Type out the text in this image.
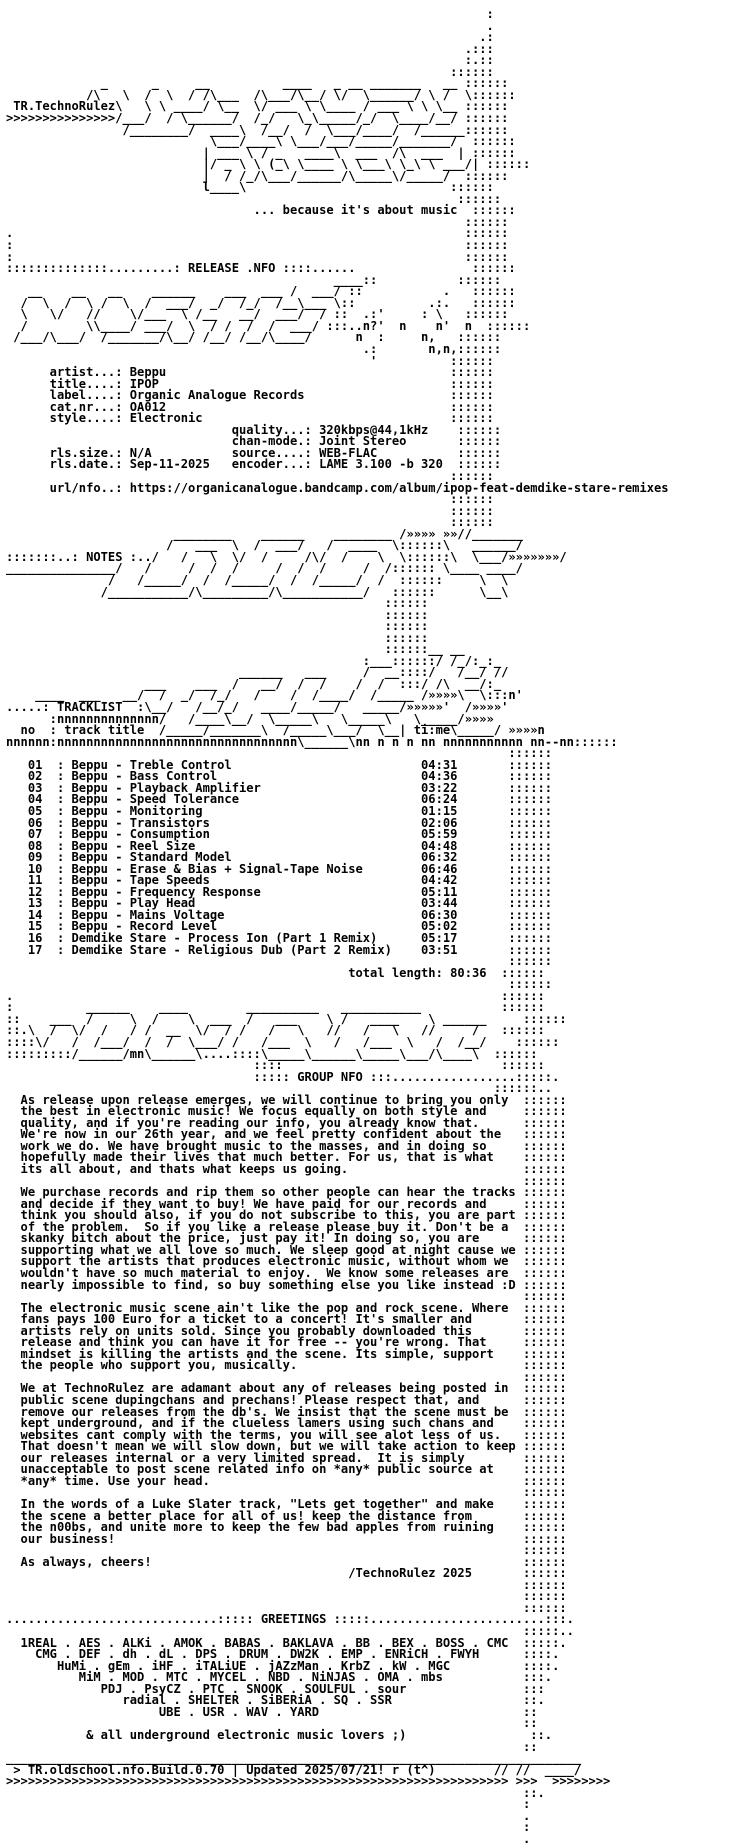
:
.
.:
.:::
:.::
::::::
_      _     __          ____   _ __ _______   __ ::::::
/\   \  /  \  / /\___  /\___/\__/ \/  \______/ \ /  \::::::
TR.TechnoRulez\   \ \ ____/ \__  \/ ___ \ \____ / ___ \ \ \__ ::::::
>>>>>>>>>>>>>>>/___/  / \______/  /_/   \_\_____/_/  \____/__/ ::::::
/________/  ____\  /__/  /  \___/____/  /______::::::
\___/____\ \___/___/_____/_______/  ::::::
| ___ \ / _   ____\  ___  /\  ___  | ::::::
|/ _ \ \ (_\ \____ \ \___\ \_\ \ ___/| ::::::
|  / /_/\___/______/\_____\/_____/  ::::::
l____\                            ::::::
::::::
... because it's about music  ::::::
::::::
.                                                              ::::::
:                                                              ::::::
:                                                              ::::::
::::::::::::::.........: RELEASE .NFO ::::......                ::::::
____::           ::::::
__    __   __    ______    ___  ___ /  ___/ ::           .   ::::::
/  \  /  \ /  \  /  ___/  _/  /_/  /__\___ \::          .:.   ::::::
\   \/   //    \/___  \ /__   __/  ___/  / ::  .:'     : \   ::::::
/        \\____/ ___/  \  / /  /  /  ___/ :::..n?'  n    n'  n  ::::::
/___/\___/  /_______/\__/ /__/ /__/\____/      n  :     n,   ::::::
.:       n,n,::::::
'          ::::::
artist...: Beppu                                       ::::::
title....: IPOP                                        ::::::
label....: Organic Analogue Records                    ::::::
cat.nr...: OA012                                       ::::::
style....: Electronic                                  ::::::
quality...: 320kbps@44,1kHz    ::::::
chan-mode.: Joint Stereo       ::::::
rls.size.: N/A           source....: WEB-FLAC           ::::::
rls.date.: Sep-11-2025   encoder...: LAME 3.100 -b 320  ::::::
::::::
url/nfo..: https://organicanalogue.bandcamp.com/album/ipop-feat-demdike-stare-remixes
::::::
::::::
::::::
________    ______    ________ /»»»» »»//_______
/   ___  \  /  ___/   /  ____  \::::::\   ______/
:::::::..: NOTES :../   /   \  \/  /     /\/  /    \  \::::::\  \___/»»»»»»»/
_______________/   /     /  /  /     /  /  /     /  /:::::: \____ ____/
/   /_____/  /  /_____/  /  /_____/  /  ::::::     \  \
/___________/\_________/\___________/   ::::::      \__\
::::::
::::::
::::::
::::::
::::::__ __
:___::::::/ /_/:_:_
______   ___     /  __::::/   /__/ //
___    ___  /   __/  /  /    /  /  :::/ /\  __/:_
____  ___   __/  /  _/  /_/   /    /  /____/  /_____ /»»»»\  \:::n'
.....: TRACKLIST  :\__/   /__/_/   ____/_____/   _____/»»»»»'  /»»»»'
:nnnnnnnnnnnnnn/   /____\__/  \_____\   \_____\   \_____/»»»»
no  : track title  /_____/_______\  /_____\___/  \__| ti:me\_____/ »»»»n
nnnnnn:nnnnnnnnnnnnnnnnnnnnnnnnnnnnnnnnn\______\nn n n n nn nnnnnnnnnnn nn--nn::::::
::::::
01  : Beppu - Treble Control                          04:31       ::::::
02  : Beppu - Bass Control                            04:36       ::::::
03  : Beppu - Playback Amplifier                      03:22       ::::::
04  : Beppu - Speed Tolerance                         06:24       ::::::
05  : Beppu - Monitoring                              01:15       ::::::
06  : Beppu - Transistors                             02:06       ::::::
07  : Beppu - Consumption                             05:59       ::::::
08  : Beppu - Reel Size                               04:48       ::::::
09  : Beppu - Standard Model                          06:32       ::::::
10  : Beppu - Erase & Bias + Signal-Tape Noise        06:46       ::::::
11  : Beppu - Tape Speeds                             04:42       ::::::
12  : Beppu - Frequency Response                      05:11       ::::::
13  : Beppu - Play Head                               03:44       ::::::
14  : Beppu - Mains Voltage                           06:30       ::::::
15  : Beppu - Record Level                            05:02       ::::::
16  : Demdike Stare - Process Ion (Part 1 Remix)      05:17       ::::::
17  : Demdike Stare - Religious Dub (Part 2 Remix)    03:51       ::::::
::::::
total length: 80:36  ::::::
::::::
.                                                                   ::::::
:          ______    ____        __________   ___________           ::::::
::    ___  /     \  /    \  ___  /   ___    \ /   ____    \ ______     ::::::
::.\  /  \/  /   / /  __  \/  / /   /   \   //   /   \   //     /   ::::::
::::\/   /  /___/  /  /  \___/ /   /___  \   /   /___  \   /  /__/    ::::::
:::::::::/______/mn\______\....::::\_____\______\_____\___/\____\  ::::::
::::                              ::::::
::::: GROUP NFO :::.................:::::.
::::::..
As release upon release emerges, we will continue to bring you only  ::::::
the best in electronic music! We focus equally on both style and     ::::::
quality, and if you're reading our info, you already know that.      ::::::
We're now in our 26th year, and we feel pretty confident about the   ::::::
work we do. We have brought music to the masses, and in doing so     ::::::
hopefully made their lives that much better. For us, that is what    ::::::
its all about, and thats what keeps us going.                        ::::::
::::::
We purchase records and rip them so other people can hear the tracks ::::::
and decide if they want to buy! We have paid for our records and     ::::::
think you should also, if you do not subscribe to this, you are part ::::::
of the problem.  So if you like a release please buy it. Don't be a  ::::::
skanky bitch about the price, just pay it! In doing so, you are      ::::::
supporting what we all love so much. We sleep good at night cause we ::::::
support the artists that produces electronic music, without whom we  ::::::
wouldn't have so much material to enjoy.  We know some releases are  ::::::
nearly impossible to find, so buy something else you like instead :D ::::::
::::::
The electronic music scene ain't like the pop and rock scene. Where  ::::::
fans pays 100 Euro for a ticket to a concert! It's smaller and       ::::::
artists rely on units sold. Since you probably downloaded this       ::::::
release and think you can have it for free -- you're wrong. That     ::::::
mindset is killing the artists and the scene. Its simple, support    ::::::
the people who support you, musically.                               ::::::
::::::
We at TechnoRulez are adamant about any of releases being posted in  ::::::
public scene dupingchans and prechans! Please respect that, and      ::::::
remove our releases from the db's. We insist that the scene must be  ::::::
kept underground, and if the clueless lamers using such chans and    ::::::
websites cant comply with the terms, you will see alot less of us.   ::::::
That doesn't mean we will slow down, but we will take action to keep ::::::
our releases internal or a very limited spread.  It is simply        ::::::
unacceptable to post scene related info on *any* public source at    ::::::
*any* time. Use your head.                                           ::::::
::::::
In the words of a Luke Slater track, "Lets get together" and make    ::::::
the scene a better place for all of us! keep the distance from       ::::::
the n00bs, and unite more to keep the few bad apples from ruining    ::::::
our business!                                                        ::::::
::::::
As always, cheers!                                                   ::::::
/TechnoRulez 2025       ::::::
::::::
::::::
::::::
.............................::::: GREETINGS :::::........................:::.
:::::..
1REAL . AES . ALKi . AMOK . BABAS . BAKLAVA . BB . BEX . BOSS . CMC  :::::.
CMG . DEF . dh . dL . DPS . DRUM . DW2K . EMP . ENRiCH . FWYH      ::::.
HuMi . gEm . iHF . iTALiUE . jAZzMan . KrbZ . kW . MGC          ::::.
MiM . MOD . MTC . MYCEL . NBD . NiNJAS . OMA . mbs           :::.
PDJ . PsyCZ . PTC . SNOOK . SOULFUL . sour                :::
radial . SHELTER . SiBERiA . SQ . SSR                  ::.
UBE . USR . WAV . YARD                            ::
::
& all underground electronic music lovers ;)                 ::.
::
_______________________________________________________________________________
> TR.oldschool.nfo.Build.0.70 | Updated 2025/07/21! r (t^)        // //  ____/
>>>>>>>>>>>>>>>>>>>>>>>>>>>>>>>>>>>>>>>>>>>>>>>>>>>>>>>>>>>>>>>>>>>>> >>>  >>>>>>>>
::.
:
.
:
.
